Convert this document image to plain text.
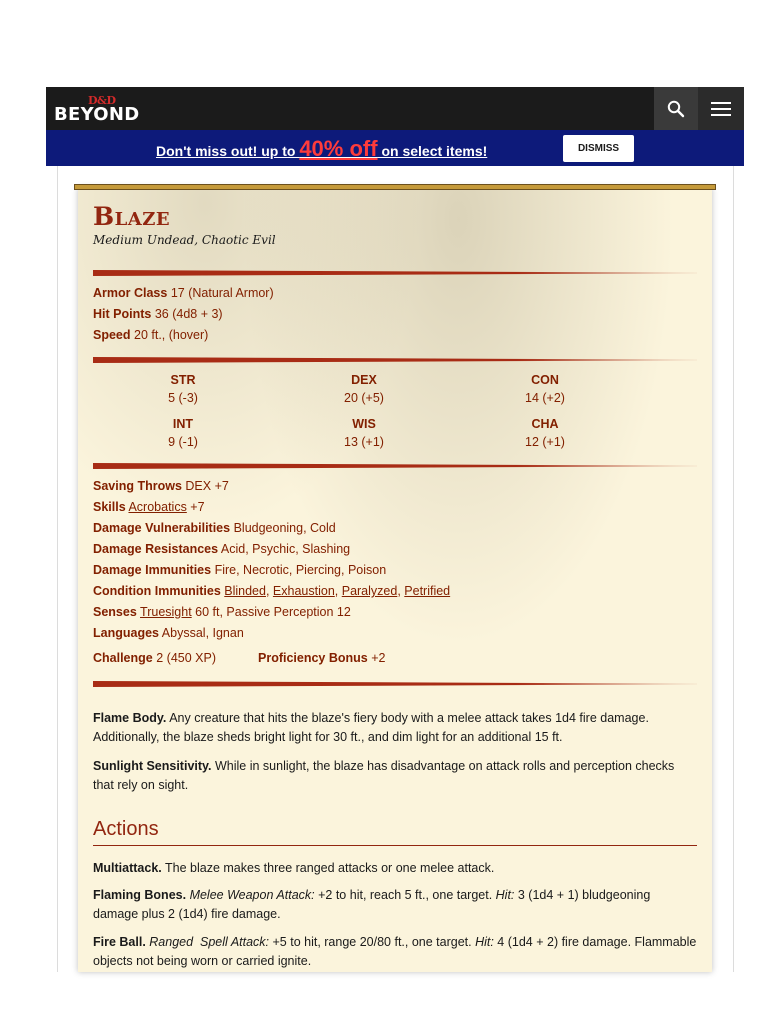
D&D
BEYOND
Don't miss out! up to 40% off on select items!	DISMISS
Blaze
Medium Undead, Chaotic Evil
Armor Class 17 (Natural Armor)
Hit Points 36 (4d8 + 3)
Speed 20 ft., (hover)
STR
5 (-3)
DEX
20 (+5)
CON
14 (+2)
INT
9 (-1)
WIS
13 (+1)
CHA
12 (+1)
Saving Throws DEX +7
Skills Acrobatics +7
Damage Vulnerabilities Bludgeoning, Cold
Damage Resistances Acid, Psychic, Slashing
Damage Immunities Fire, Necrotic, Piercing, Poison
Condition Immunities Blinded, Exhaustion, Paralyzed, Petrified
Senses Truesight 60 ft, Passive Perception 12
Languages Abyssal, Ignan
Challenge 2 (450 XP)	Proficiency Bonus +2
Flame Body. Any creature that hits the blaze's fiery body with a melee attack takes 1d4 fire damage. Additionally, the blaze sheds bright light for 30 ft., and dim light for an additional 15 ft.
Sunlight Sensitivity. While in sunlight, the blaze has disadvantage on attack rolls and perception checks that rely on sight.
Actions
Multiattack. The blaze makes three ranged attacks or one melee attack.
Flaming Bones. Melee Weapon Attack: +2 to hit, reach 5 ft., one target. Hit: 3 (1d4 + 1) bludgeoning damage plus 2 (1d4) fire damage.
Fire Ball. Ranged  Spell Attack: +5 to hit, range 20/80 ft., one target. Hit: 4 (1d4 + 2) fire damage. Flammable objects not being worn or carried ignite.
